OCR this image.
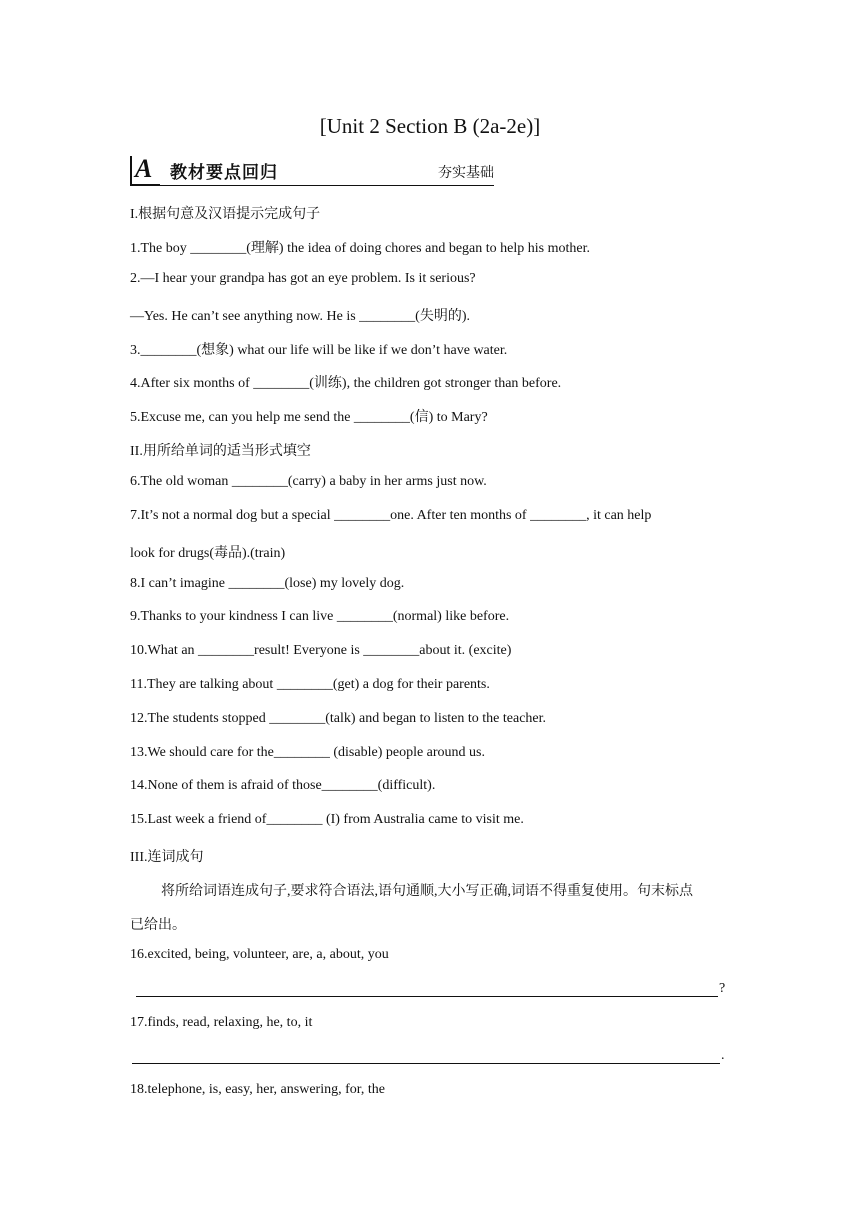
[Unit 2 Section B (2a-2e)]
A 教材要点回归	夯实基础
I.根据句意及汉语提示完成句子
1.The boy ________(理解) the idea of doing chores and began to help his mother.
2.—I hear your grandpa has got an eye problem. Is it serious?
—Yes. He can’t see anything now. He is ________(失明的).
3.________(想象) what our life will be like if we don’t have water.
4.After six months of ________(训练), the children got stronger than before.
5.Excuse me, can you help me send the ________(信) to Mary?
II.用所给单词的适当形式填空
6.The old woman ________(carry) a baby in her arms just now.
7.It’s not a normal dog but a special ________one. After ten months of ________, it can help
look for drugs(毒品).(train)
8.I can’t imagine ________(lose) my lovely dog.
9.Thanks to your kindness I can live ________(normal) like before.
10.What an ________result! Everyone is ________about it. (excite)
11.They are talking about ________(get) a dog for their parents.
12.The students stopped ________(talk) and began to listen to the teacher.
13.We should care for the________ (disable) people around us.
14.None of them is afraid of those________(difficult).
15.Last week a friend of________ (I) from Australia came to visit me.
III.连词成句
将所给词语连成句子,要求符合语法,语句通顺,大小写正确,词语不得重复使用。句末标点
已给出。
16.excited, being, volunteer, are, a, about, you
?
17.finds, read, relaxing, he, to, it
.
18.telephone, is, easy, her, answering, for, the
